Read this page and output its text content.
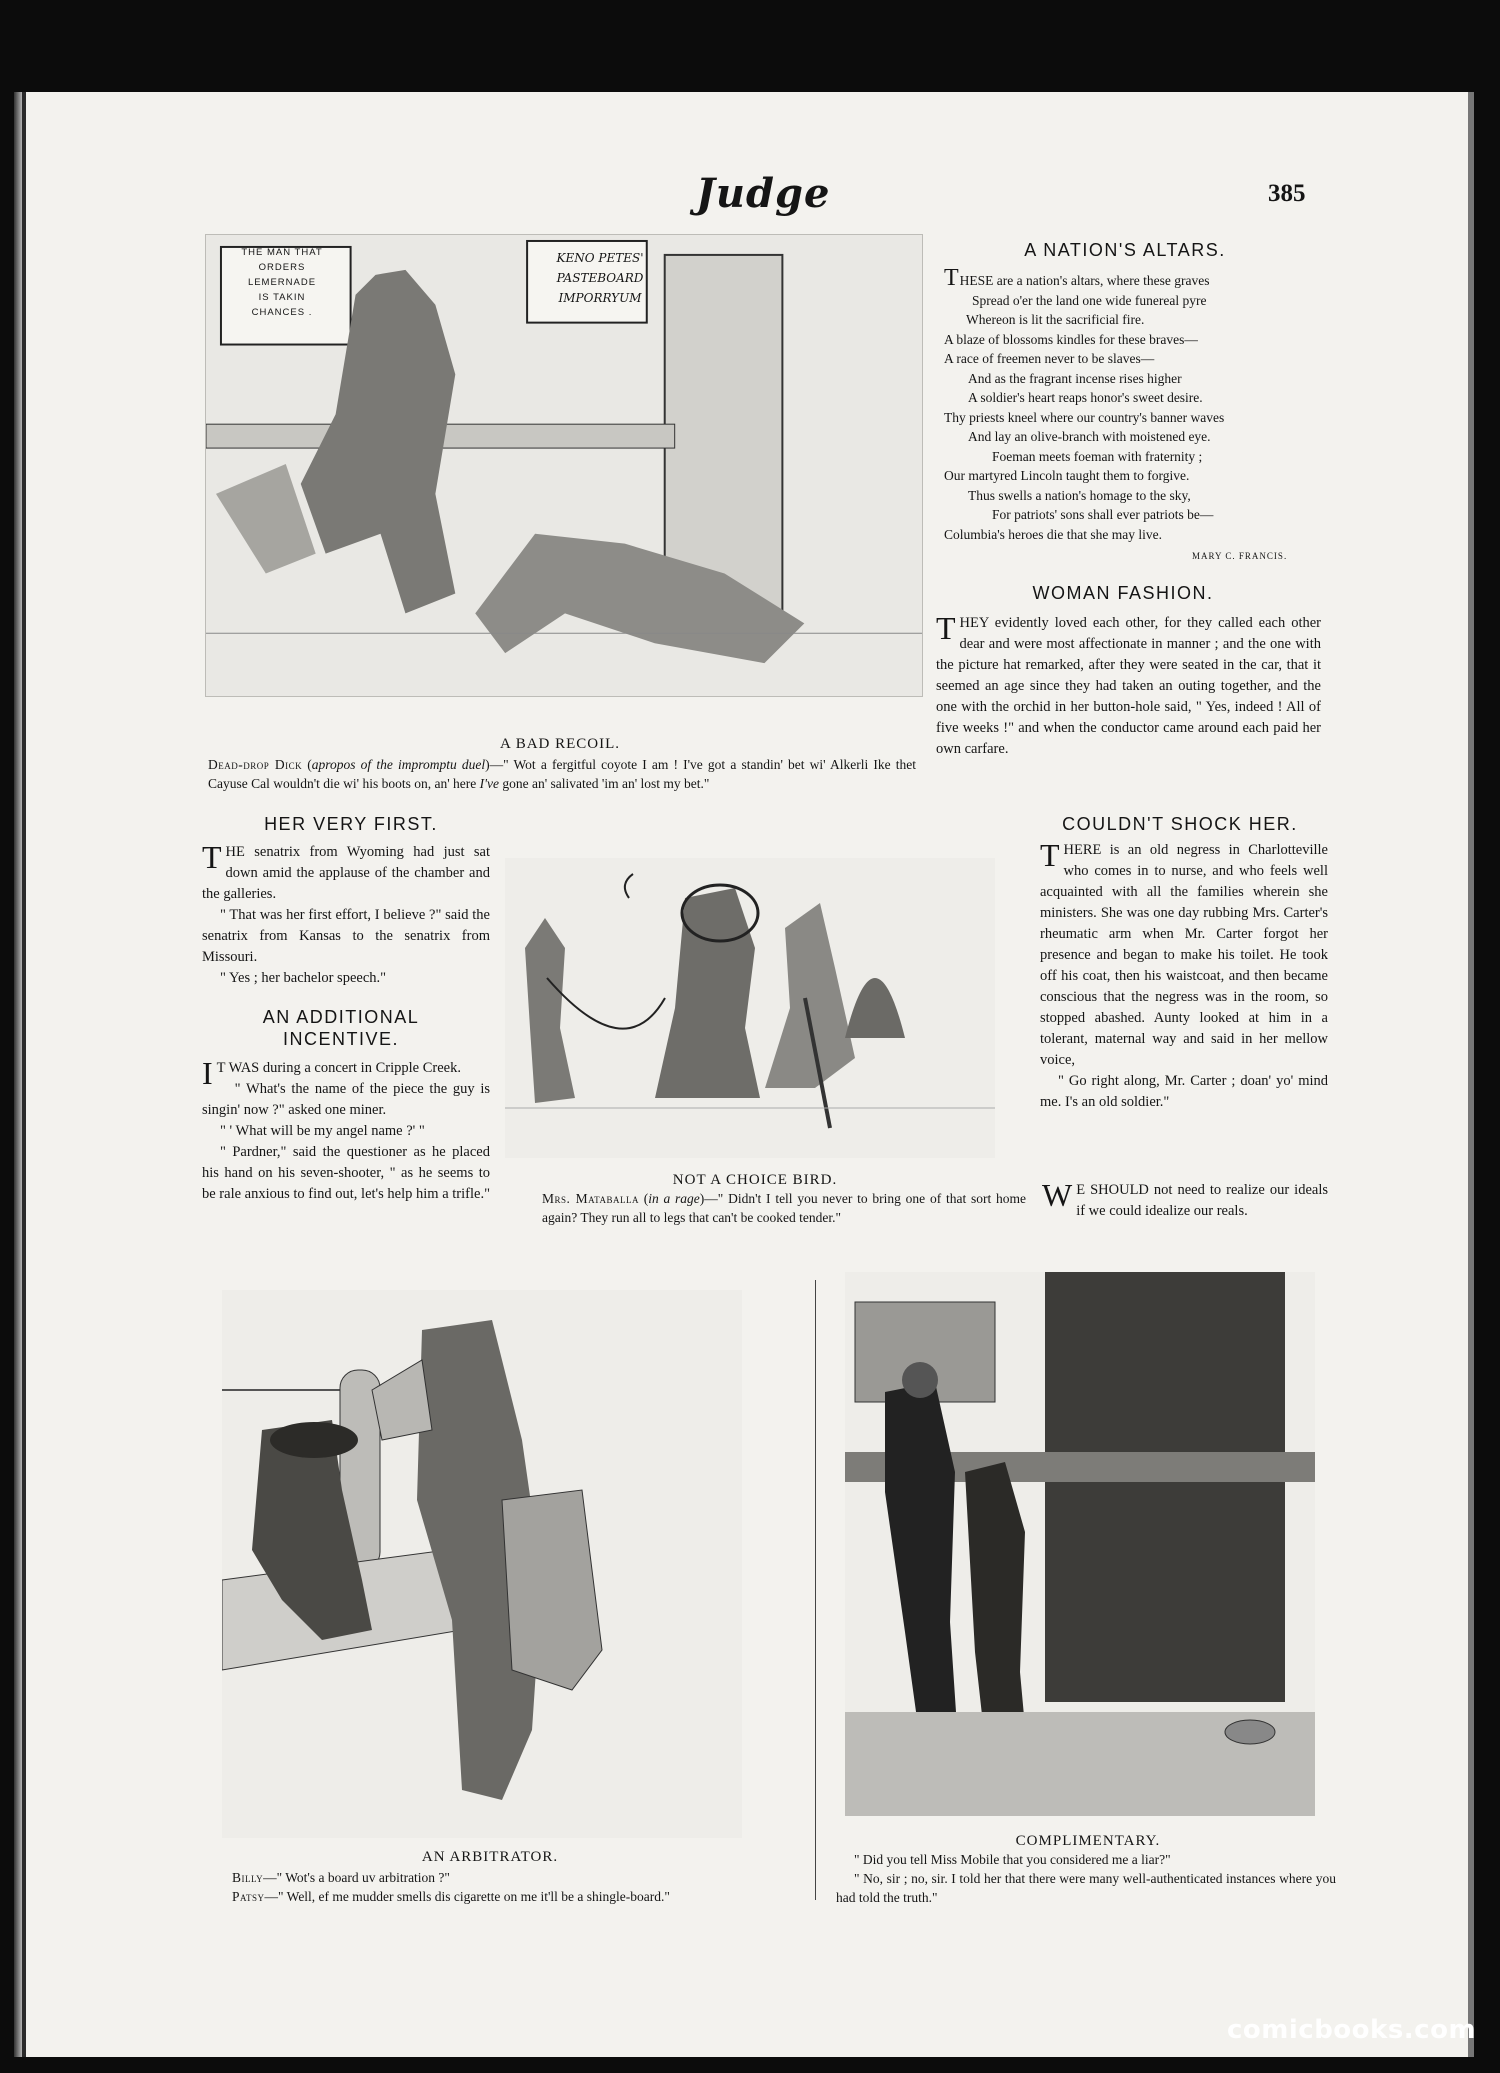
Judge	385
THE MAN THAT
ORDERS
LEMERNADE
IS TAKIN
CHANCES .
KENO PETES'
PASTEBOARD
IMPORRYUM
A BAD RECOIL.
Dead-drop Dick (apropos of the impromptu duel)—" Wot a fergitful coyote I am ! I've got a standin' bet wi' Alkerli Ike thet Cayuse Cal wouldn't die wi' his boots on, an' here I've gone an' salivated 'im an' lost my bet."
A NATION'S ALTARS.
THESE are a nation's altars, where these graves
Spread o'er the land one wide funereal pyre
Whereon is lit the sacrificial fire.
A blaze of blossoms kindles for these braves—
A race of freemen never to be slaves—
And as the fragrant incense rises higher
A soldier's heart reaps honor's sweet desire.
Thy priests kneel where our country's banner waves
And lay an olive-branch with moistened eye.
Foeman meets foeman with fraternity ;
Our martyred Lincoln taught them to forgive.
Thus swells a nation's homage to the sky,
For patriots' sons shall ever patriots be—
Columbia's heroes die that she may live.
MARY C. FRANCIS.
WOMAN FASHION.

THEY evidently loved each other, for they called each other dear and were most affectionate in manner ; and the one with the picture hat remarked, after they were seated in the car, that it seemed an age since they had taken an outing together, and the one with the orchid in her button-hole said, " Yes, indeed ! All of five weeks !" and when the conductor came around each paid her own carfare.

HER VERY FIRST.

THE senatrix from Wyoming had just sat down amid the applause of the chamber and the galleries.

" That was her first effort, I believe ?" said the senatrix from Kansas to the senatrix from Missouri.

" Yes ; her bachelor speech."

AN ADDITIONAL INCENTIVE.

I T WAS during a concert in Cripple Creek.

" What's the name of the piece the guy is singin' now ?" asked one miner.

" ' What will be my angel name ?' "

" Pardner," said the questioner as he placed his hand on his seven-shooter, " as he seems to be rale anxious to find out, let's help him a trifle."

NOT A CHOICE BIRD.
Mrs. Mataballa (in a rage)—" Didn't I tell you never to bring one of that sort home again? They run all to legs that can't be cooked tender."
COULDN'T SHOCK HER.

THERE is an old negress in Charlotteville who comes in to nurse, and who feels well acquainted with all the families wherein she ministers. She was one day rubbing Mrs. Carter's rheumatic arm when Mr. Carter forgot her presence and began to make his toilet. He took off his coat, then his waistcoat, and then became conscious that the negress was in the room, so stopped abashed. Aunty looked at him in a tolerant, maternal way and said in her mellow voice,

" Go right along, Mr. Carter ; doan' yo' mind me. I's an old soldier."

W E SHOULD not need to realize our ideals if we could idealize our reals.

AN ARBITRATOR.
Billy—" Wot's a board uv arbitration ?"
Patsy—" Well, ef me mudder smells dis cigarette on me it'll be a shingle-board."
COMPLIMENTARY.
" Did you tell Miss Mobile that you considered me a liar?"
" No, sir ; no, sir. I told her that there were many well-authenticated instances where you had told the truth."
comicbooks.com
